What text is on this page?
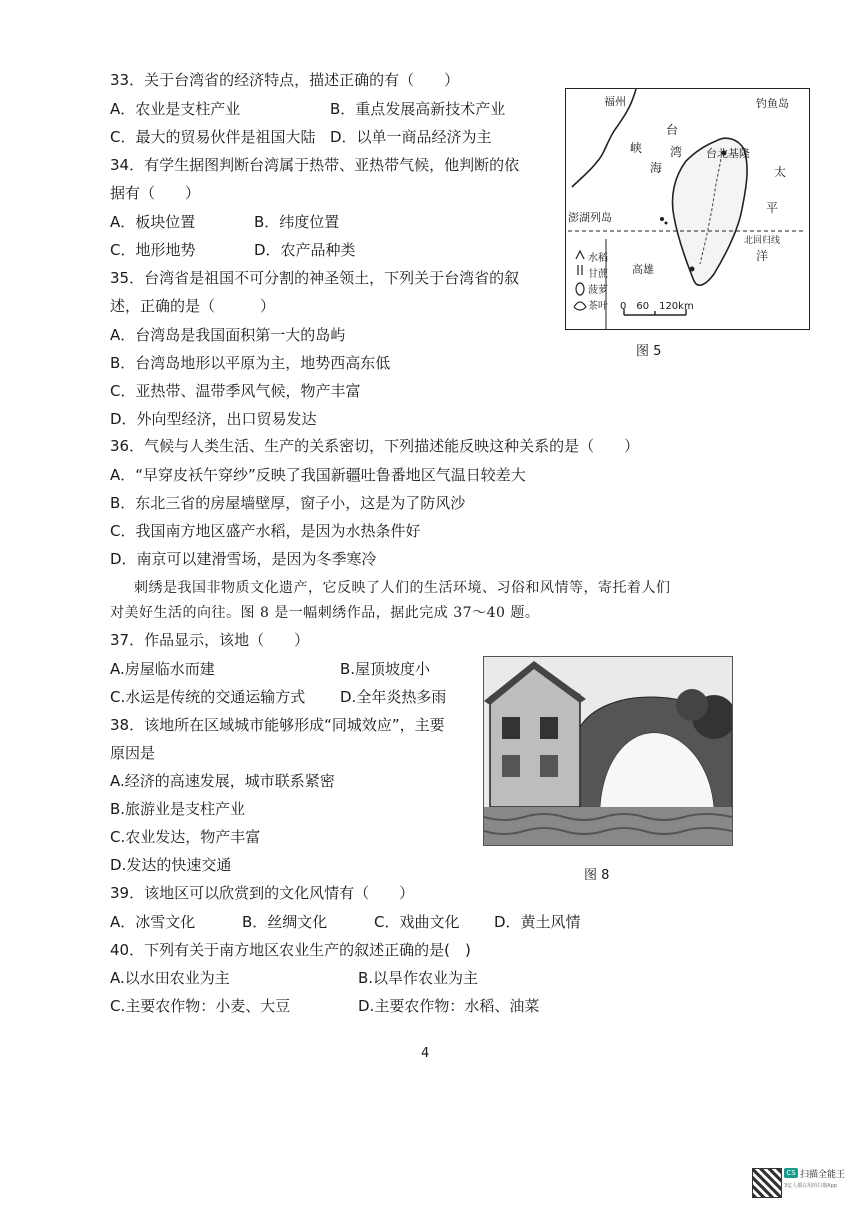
33．关于台湾省的经济特点，描述正确的有（　　）
A．农业是支柱产业	B．重点发展高新技术产业
C．最大的贸易伙伴是祖国大陆 D．以单一商品经济为主
34．有学生据图判断台湾属于热带、亚热带气候，他判断的依
据有（　　）
A．板块位置	B．纬度位置
C．地形地势	D．农产品种类
35．台湾省是祖国不可分割的神圣领土，下列关于台湾省的叙
述，正确的是（　　　）
A．台湾岛是我国面积第一大的岛屿
B．台湾岛地形以平原为主，地势西高东低
C．亚热带、温带季风气候，物产丰富
D．外向型经济，出口贸易发达
福州	钓鱼岛
台
湾
海
峡	台北 基隆
太
平
洋
澎湖列岛
高雄
北回归线
水稻
甘蔗
菠萝
茶叶 0　60　120km
图 5
36．气候与人类生活、生产的关系密切，下列描述能反映这种关系的是（　　）
A．“早穿皮袄午穿纱”反映了我国新疆吐鲁番地区气温日较差大
B．东北三省的房屋墙壁厚，窗子小，这是为了防风沙
C．我国南方地区盛产水稻，是因为水热条件好
D．南京可以建滑雪场，是因为冬季寒冷
刺绣是我国非物质文化遗产，它反映了人们的生活环境、习俗和风情等，寄托着人们
对美好生活的向往。图 8 是一幅刺绣作品，据此完成 37～40 题。
37．作品显示，该地（　　）
A.房屋临水而建	B.屋顶坡度小
C.水运是传统的交通运输方式 D.全年炎热多雨
38．该地所在区域城市能够形成“同城效应”，主要
原因是
A.经济的高速发展，城市联系紧密
B.旅游业是支柱产业
C.农业发达，物产丰富
D.发达的快速交通
图 8
39．该地区可以欣赏到的文化风情有（　　）
A．冰雪文化	B．丝绸文化	C．戏曲文化 D．黄土风情
40．下列有关于南方地区农业生产的叙述正确的是(　)
A.以水田农业为主	B.以旱作农业为主
C.主要农作物：小麦、大豆	D.主要农作物：水稻、油菜
4
CS 扫描全能王
3亿人都在用的扫描App
